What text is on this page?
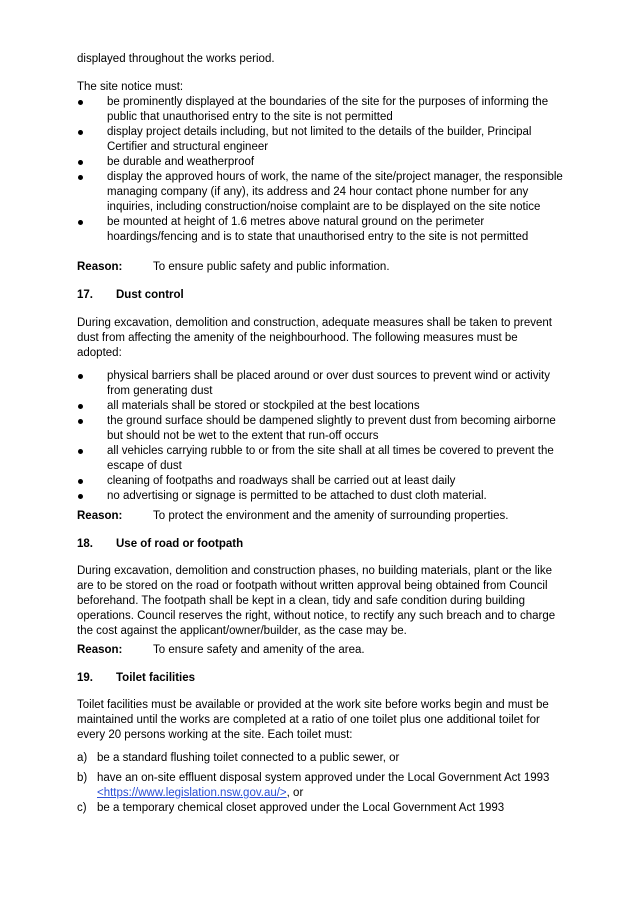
displayed throughout the works period.

The site notice must:

be prominently displayed at the boundaries of the site for the purposes of informing the public that unauthorised entry to the site is not permitted
display project details including, but not limited to the details of the builder, Principal Certifier and structural engineer
be durable and weatherproof
display the approved hours of work, the name of the site/project manager, the responsible managing company (if any), its address and 24 hour contact phone number for any inquiries, including construction/noise complaint are to be displayed on the site notice
be mounted at height of 1.6 metres above natural ground on the perimeter hoardings/fencing and is to state that unauthorised entry to the site is not permitted

Reason:	To ensure public safety and public information.

17. Dust control

During excavation, demolition and construction, adequate measures shall be taken to prevent dust from affecting the amenity of the neighbourhood. The following measures must be adopted:

physical barriers shall be placed around or over dust sources to prevent wind or activity from generating dust
all materials shall be stored or stockpiled at the best locations
the ground surface should be dampened slightly to prevent dust from becoming airborne but should not be wet to the extent that run-off occurs
all vehicles carrying rubble to or from the site shall at all times be covered to prevent the escape of dust
cleaning of footpaths and roadways shall be carried out at least daily
no advertising or signage is permitted to be attached to dust cloth material.

Reason:	To protect the environment and the amenity of surrounding properties.

18. Use of road or footpath

During excavation, demolition and construction phases, no building materials, plant or the like are to be stored on the road or footpath without written approval being obtained from Council beforehand. The footpath shall be kept in a clean, tidy and safe condition during building operations. Council reserves the right, without notice, to rectify any such breach and to charge the cost against the applicant/owner/builder, as the case may be.

Reason:	To ensure safety and amenity of the area.

19. Toilet facilities

Toilet facilities must be available or provided at the work site before works begin and must be maintained until the works are completed at a ratio of one toilet plus one additional toilet for every 20 persons working at the site. Each toilet must:

a) be a standard flushing toilet connected to a public sewer, or
b) have an on-site effluent disposal system approved under the Local Government Act 1993 <https://www.legislation.nsw.gov.au/>, or
c) be a temporary chemical closet approved under the Local Government Act 1993
